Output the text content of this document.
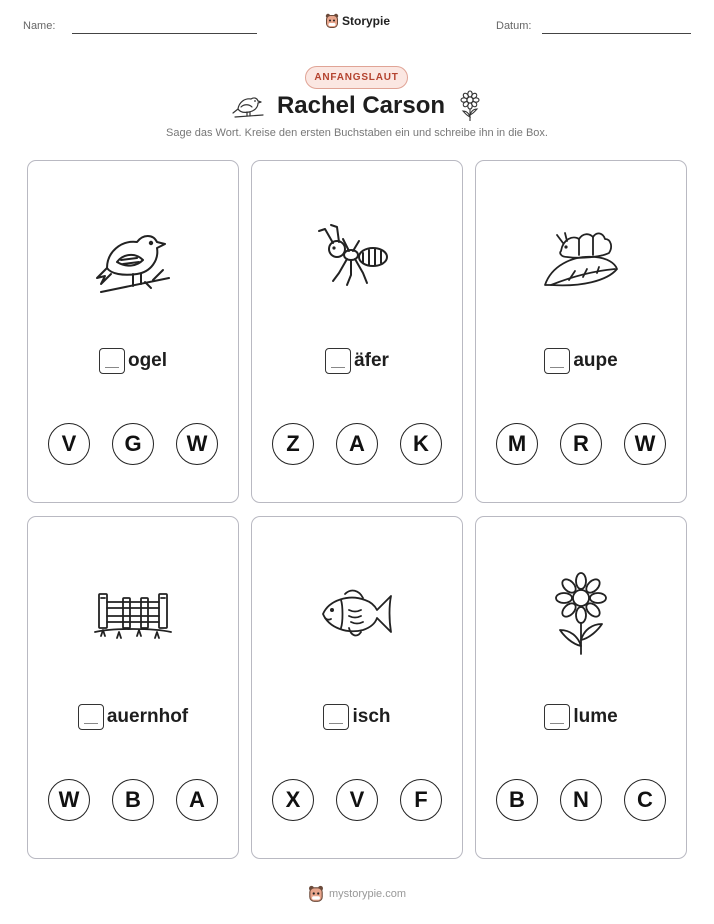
Name:	Storypie	Datum:
ANFANGSLAUT
Rachel Carson
Sage das Wort. Kreise den ersten Buchstaben ein und schreibe ihn in die Box.
ogel
V	G	W
äfer
Z	A	K
aupe
M	R	W
auernhof
W	B	A
isch
X	V	F
lume
B	N	C
mystorypie.com
